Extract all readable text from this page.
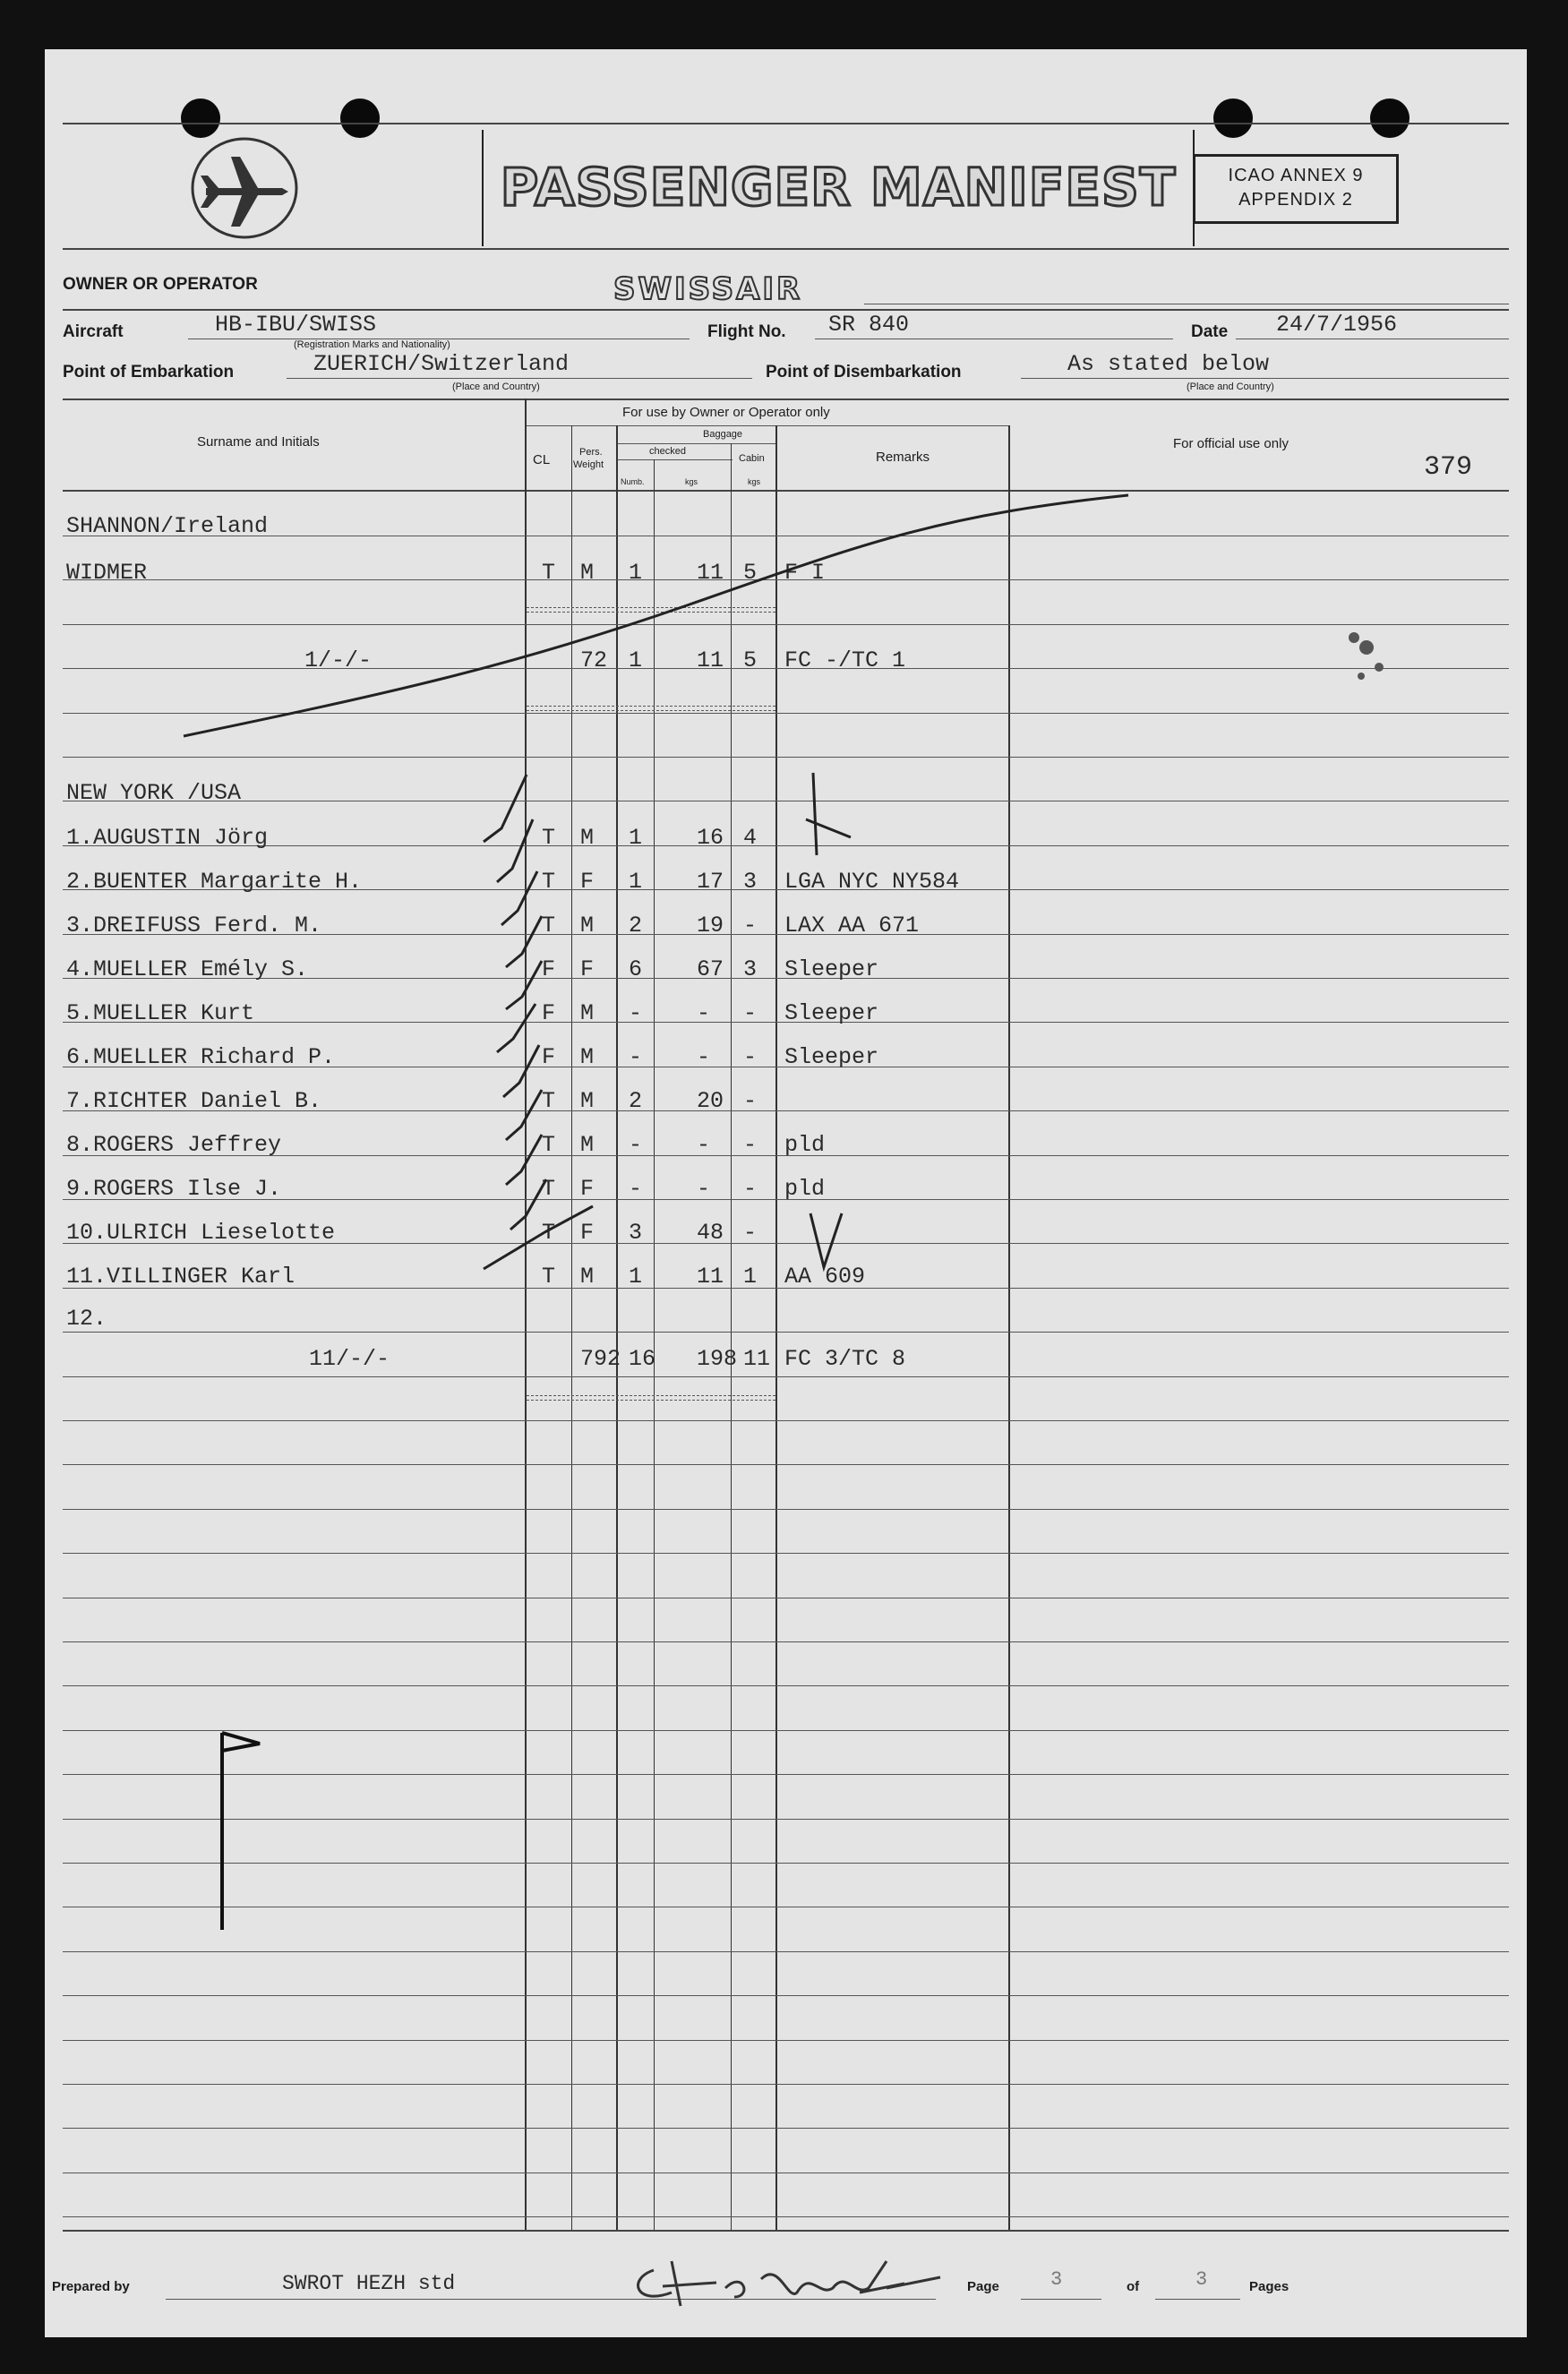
PASSENGER MANIFEST	ICAO ANNEX 9
APPENDIX 2
OWNER OR OPERATOR	SWISSAIR
Aircraft	HB-IBU/SWISS
(Registration Marks and Nationality)
Flight No. SR 840	Date 24/7/1956
Point of Embarkation	ZUERICH/Switzerland
(Place and Country)
Point of Disembarkation	As stated below
(Place and Country)
Surname and Initials
For use by Owner or Operator only
CL	Pers.
Weight
Baggage
checked
Cabin
Numb.	kgs	kgs
Remarks
For official use only
379
SHANNON/Ireland
WIDMER	T M 1 11 5 F I
1/-/-	72 1 11 5 FC -/TC 1
NEW YORK /USA
1.AUGUSTIN Jörg	T M 1 16 4
2.BUENTER Margarite H.	T F 1 17 3 LGA NYC NY584
3.DREIFUSS Ferd. M.	T M 2 19 - LAX AA 671
4.MUELLER Emély S.	F F 6 67 3 Sleeper
5.MUELLER Kurt	F M - - - Sleeper
6.MUELLER Richard P.	F M - - - Sleeper
7.RICHTER Daniel B.	T M 2 20 -
8.ROGERS Jeffrey	T M - - - pld
9.ROGERS Ilse J.	T F - - - pld
10.ULRICH Lieselotte	T F 3 48 -
11.VILLINGER Karl	T M 1 11 1 AA 609
12.
11/-/-	792 16 198 11 FC 3/TC 8
Prepared by	SWROT HEZH std	Page	3	of	3	Pages
